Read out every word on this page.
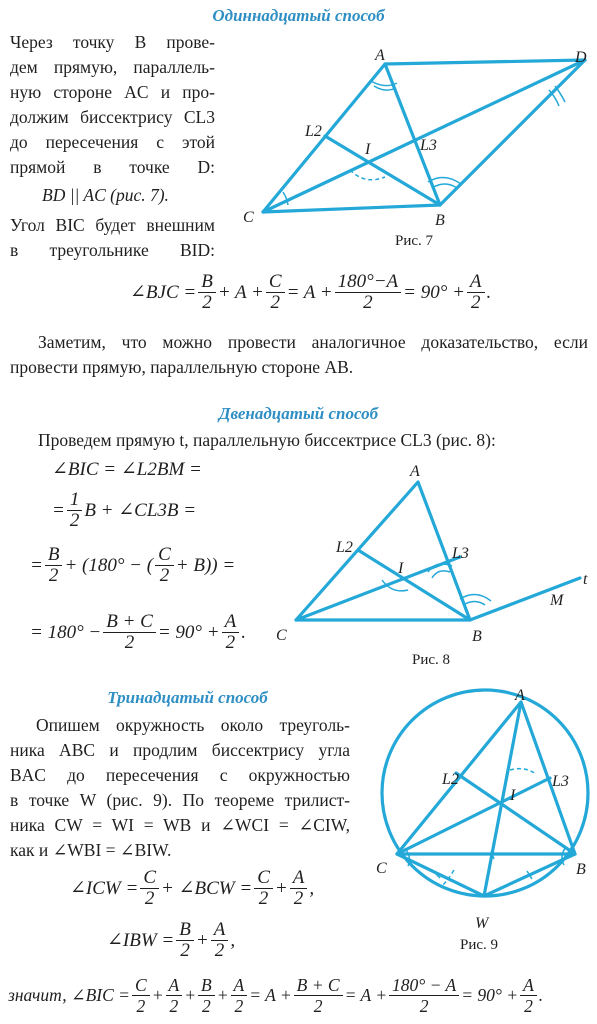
Одиннадцатый способ
Через точку B прове-
дем прямую, параллель-
ную стороне AC и про-
должим биссектрису CL3
до пересечения с этой
прямой в точке D:
BD || AC (рис. 7).
Угол BIC будет внешним
в треугольнике BID:
A	D
C	B
I
L2
L3
Рис. 7
∠BJC = $\frac{B}{2} + A + \frac{C}{2} = A + \frac{180^\circ-A}{2} = 90^\circ + \frac{A}{2}$ .
Заметим, что можно провести аналогичное доказательство, если
провести прямую, параллельную стороне AB.
Двенадцатый способ
Проведем прямую t, параллельную биссектрисе CL3 (рис. 8):
∠BIC = ∠L2BM =
= $\frac{1}{2}$ B + ∠CL3B =
= $\frac{B}{2} + (180^\circ$ − ( $\frac{C}{2} + B$)) =
= $180^\circ - \frac{B + C}{2} = 90^\circ + \frac{A}{2}$ .
A
C	B
I
L2	L3
M
t
Рис. 8
Тринадцатый способ
Опишем окружность около треуголь-
ника ABC и продлим биссектрису угла
BAC до пересечения с окружностью
в точке W (рис. 9). По теореме трилист-
ника CW = WI = WB и ∠WCI = ∠CIW,
как и ∠WBI = ∠BIW.
∠ICW = $\frac{C}{2}$ + ∠BCW = $\frac{C}{2} + \frac{A}{2}$ ,
∠IBW = $\frac{B}{2} + \frac{A}{2}$ ,
значит, ∠BIC = $\frac{C}{2} + \frac{A}{2} + \frac{B}{2} + \frac{A}{2} = A + \frac{B + C}{2} = A + \frac{180^\circ - A}{2} = 90^\circ + \frac{A}{2}$ .
A
C	B
W
I
L2	L3
Рис. 9
